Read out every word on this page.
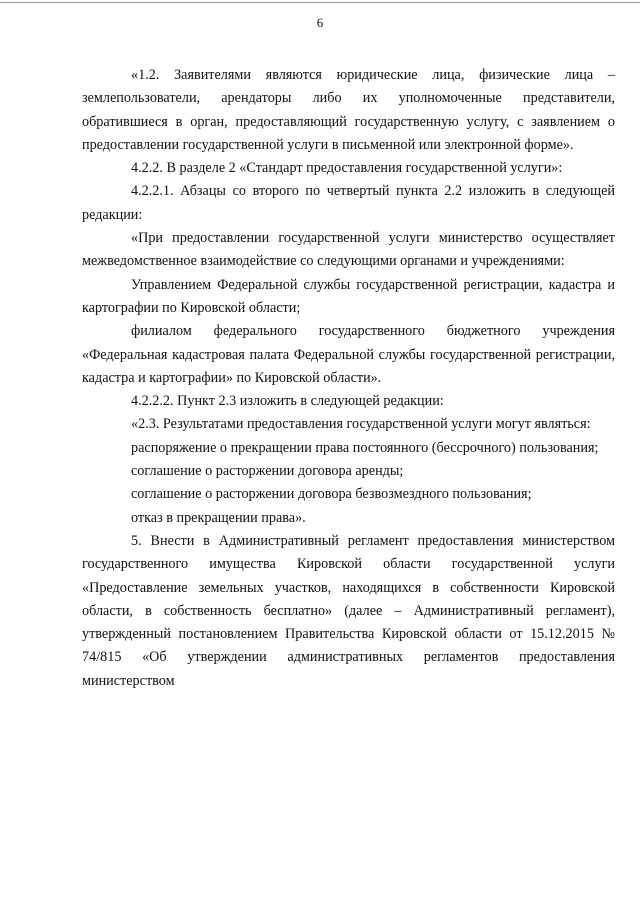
6

«1.2. Заявителями являются юридические лица, физические лица – землепользователи, арендаторы либо их уполномоченные представители, обратившиеся в орган, предоставляющий государственную услугу, с заявлением о предоставлении государственной услуги в письменной или электронной форме».

4.2.2. В разделе 2 «Стандарт предоставления государственной услуги»:

4.2.2.1. Абзацы со второго по четвертый пункта 2.2 изложить в следующей редакции:

«При предоставлении государственной услуги министерство осуществляет межведомственное взаимодействие со следующими органами и учреждениями:

Управлением Федеральной службы государственной регистрации, кадастра и картографии по Кировской области;

филиалом федерального государственного бюджетного учреждения «Федеральная кадастровая палата Федеральной службы государственной регистрации, кадастра и картографии» по Кировской области».

4.2.2.2. Пункт 2.3 изложить в следующей редакции:

«2.3. Результатами предоставления государственной услуги могут являться:

распоряжение о прекращении права постоянного (бессрочного) пользования;

соглашение о расторжении договора аренды;

соглашение о расторжении договора безвозмездного пользования;

отказ в прекращении права».

5. Внести в Административный регламент предоставления министерством государственного имущества Кировской области государственной услуги «Предоставление земельных участков, находящихся в собственности Кировской области, в собственность бесплатно» (далее – Административный регламент), утвержденный постановлением Правительства Кировской области от 15.12.2015 № 74/815 «Об утверждении административных регламентов предоставления министерством
